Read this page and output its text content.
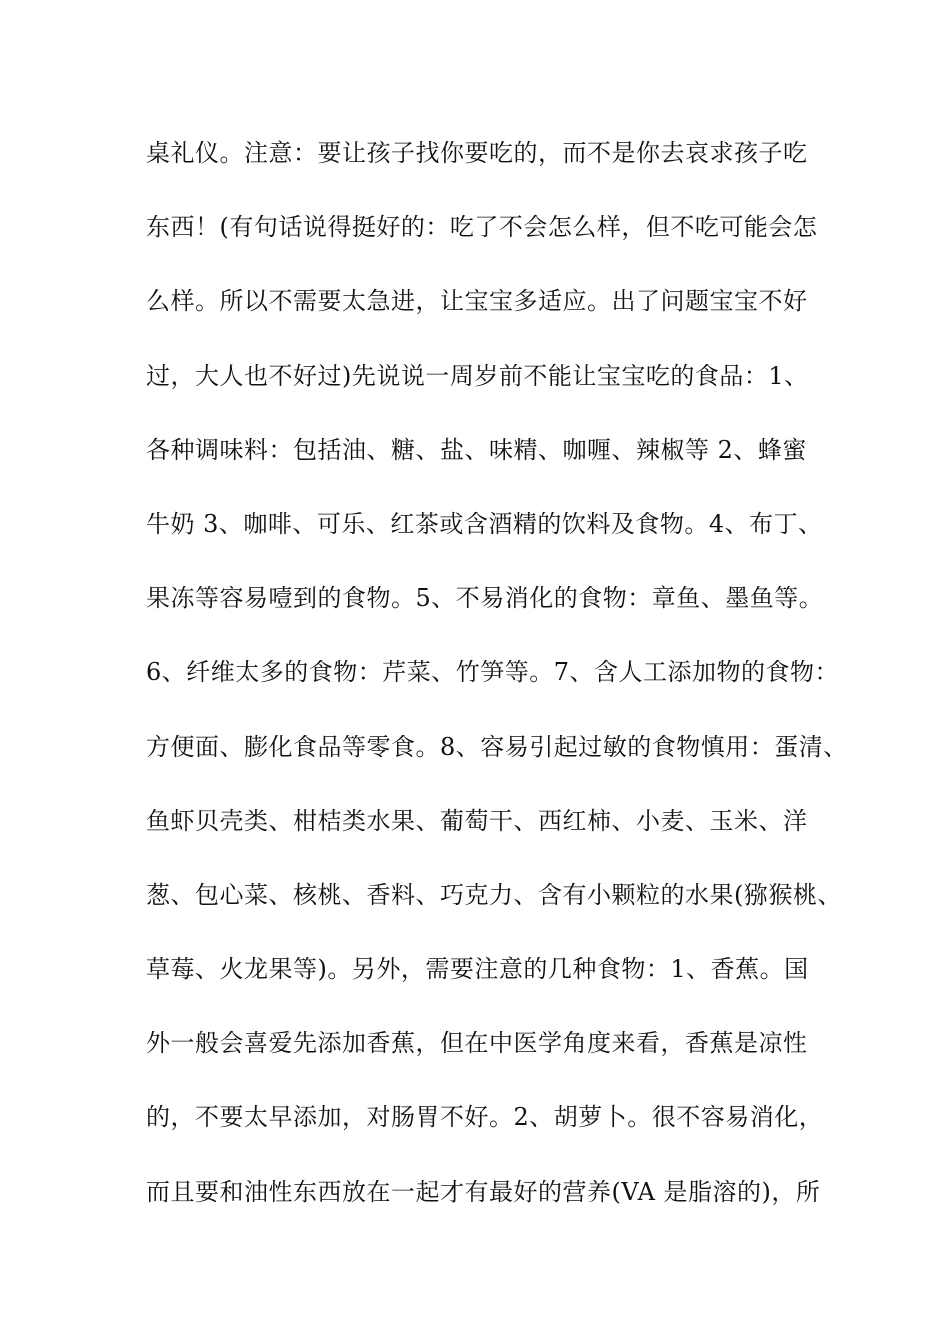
桌礼仪。注意：要让孩子找你要吃的，而不是你去哀求孩子吃
东西！(有句话说得挺好的：吃了不会怎么样，但不吃可能会怎
么样。所以不需要太急进，让宝宝多适应。出了问题宝宝不好
过，大人也不好过)先说说一周岁前不能让宝宝吃的食品：1、
各种调味料：包括油、糖、盐、味精、咖喱、辣椒等 2、蜂蜜
牛奶 3、咖啡、可乐、红茶或含酒精的饮料及食物。4、布丁、
果冻等容易噎到的食物。5、不易消化的食物：章鱼、墨鱼等。
6、纤维太多的食物：芹菜、竹笋等。7、含人工添加物的食物：
方便面、膨化食品等零食。8、容易引起过敏的食物慎用：蛋清、
鱼虾贝壳类、柑桔类水果、葡萄干、西红柿、小麦、玉米、洋
葱、包心菜、核桃、香料、巧克力、含有小颗粒的水果(猕猴桃、
草莓、火龙果等)。另外，需要注意的几种食物：1、香蕉。国
外一般会喜爱先添加香蕉，但在中医学角度来看，香蕉是凉性
的，不要太早添加，对肠胃不好。2、胡萝卜。很不容易消化，
而且要和油性东西放在一起才有最好的营养(VA 是脂溶的)，所
